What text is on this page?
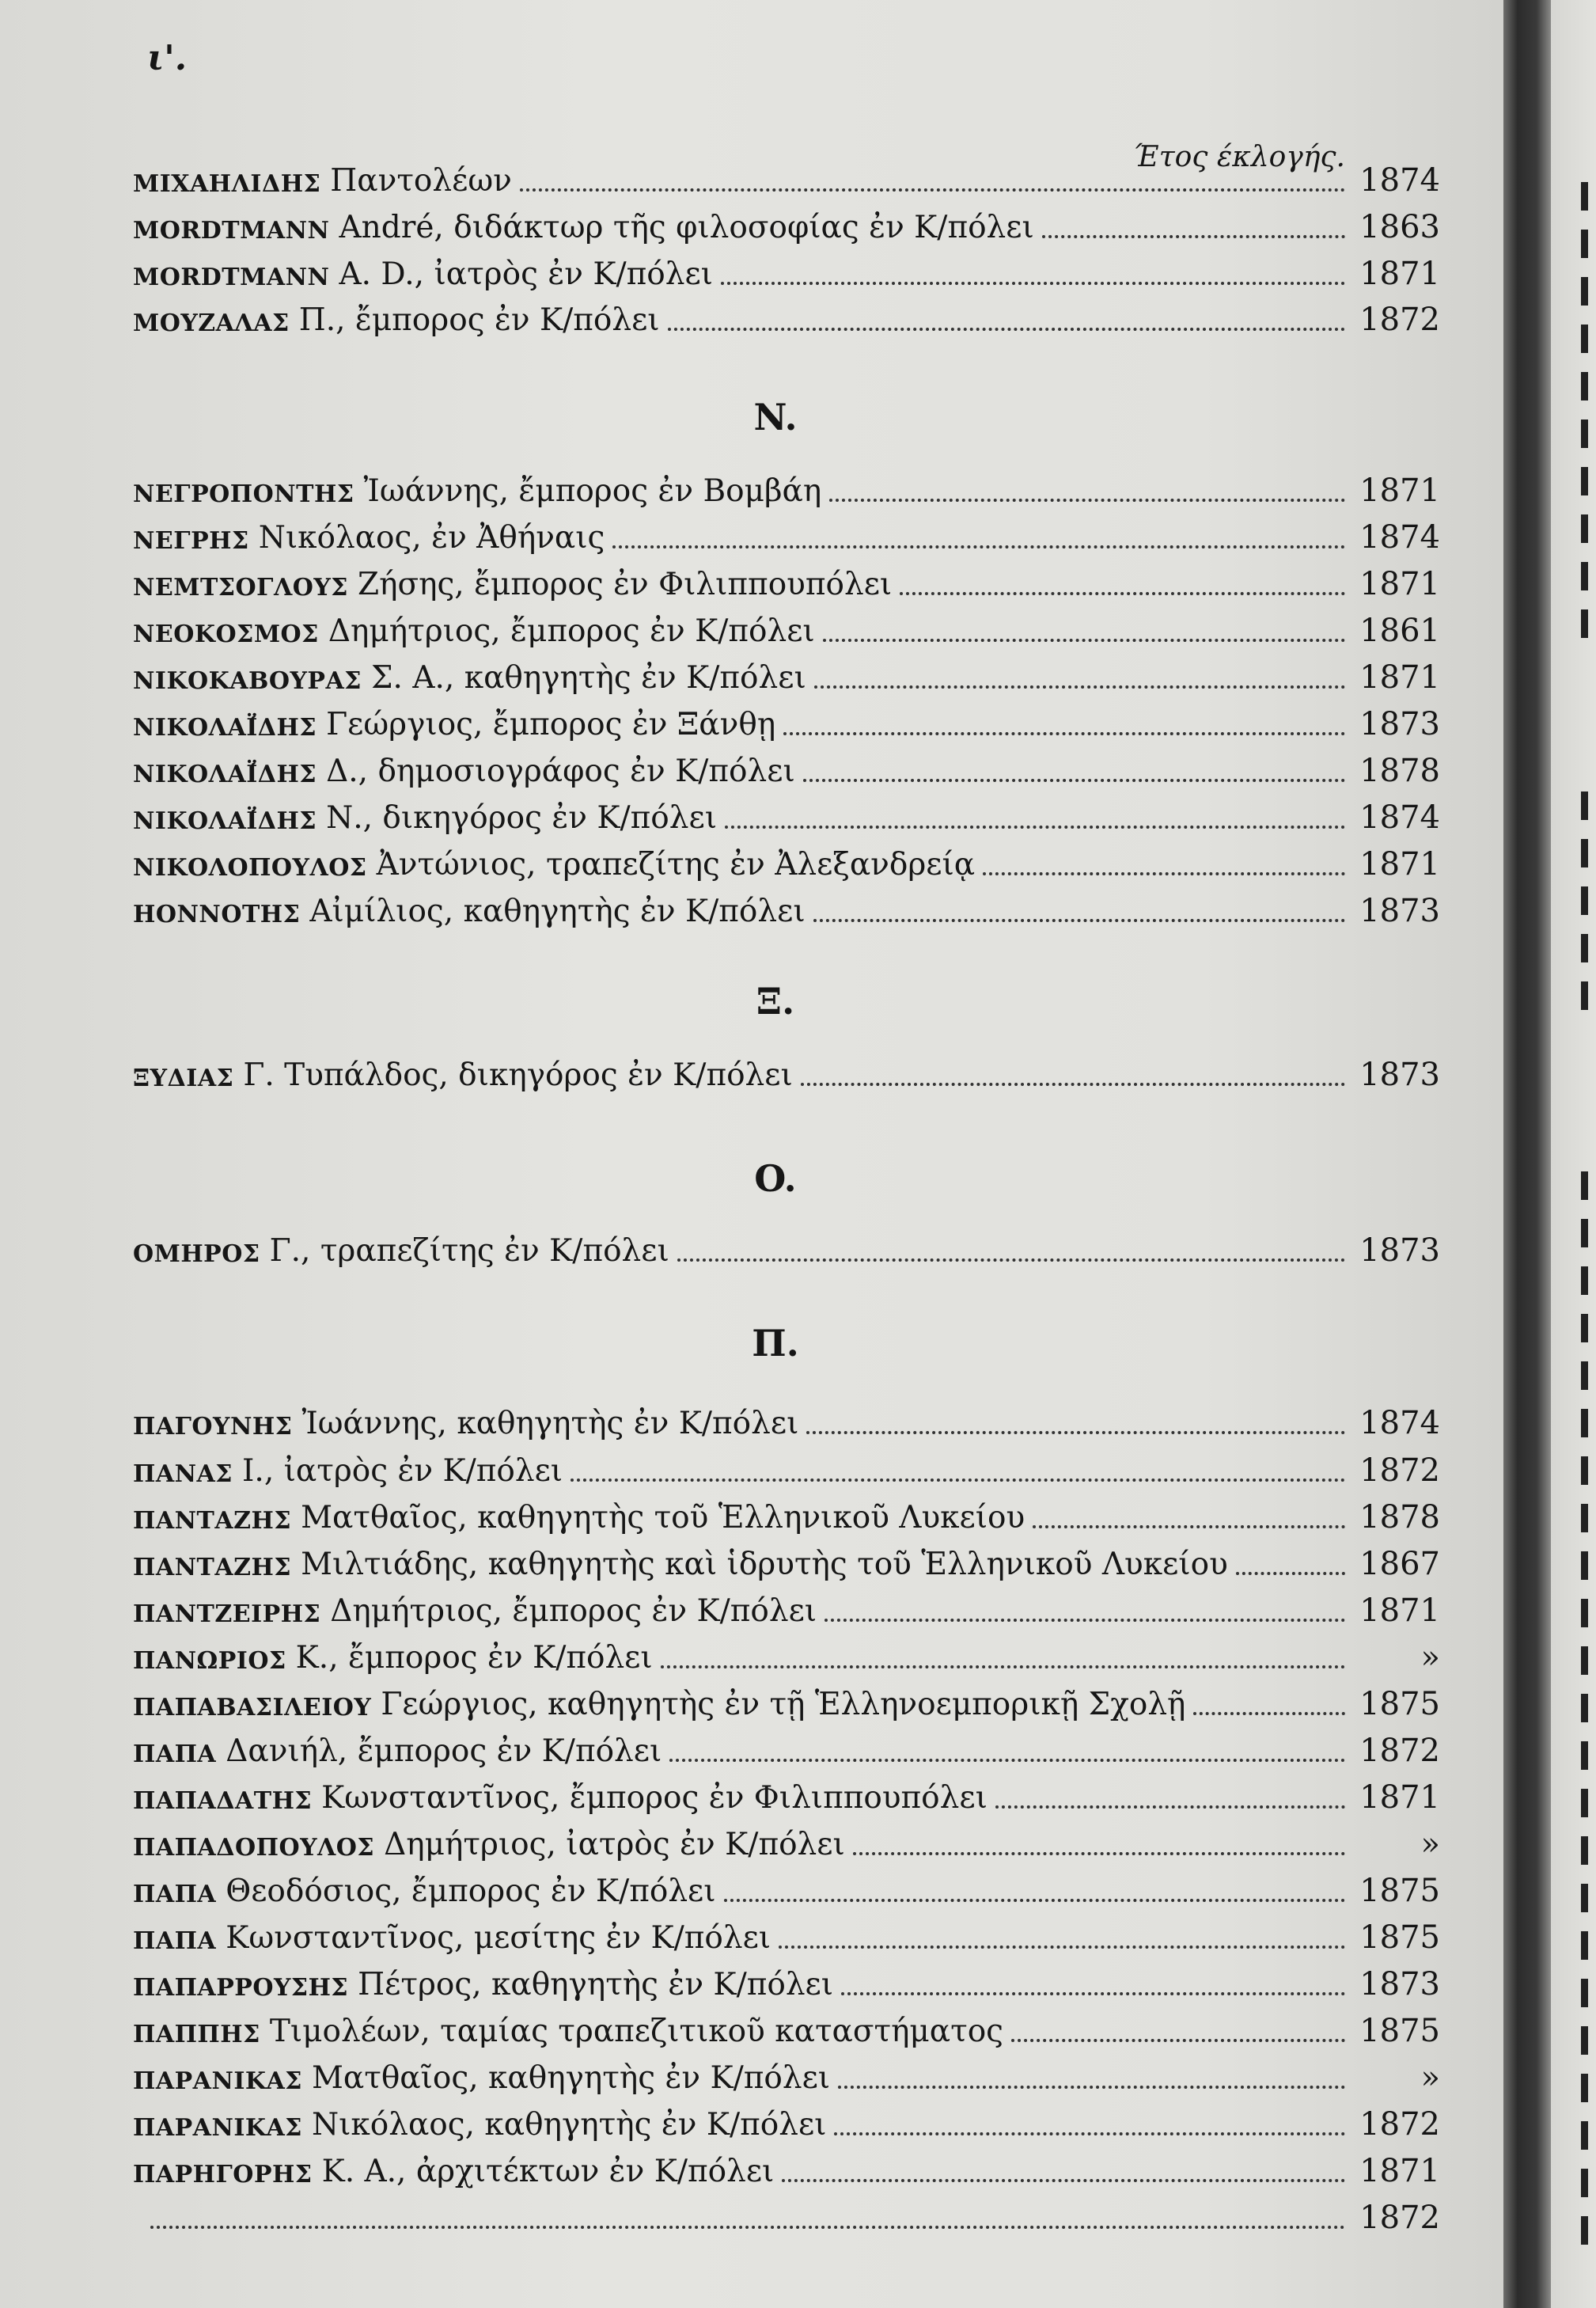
ι'.
Έτος έκλογής.
ΜΙΧΑΗΛΙΔΗΣ Παντολέων	1874
MORDTMANN André, διδάκτωρ τῆς φιλοσοφίας ἐν Κ/πόλει	1863
MORDTMANN A. D., ἰατρὸς ἐν Κ/πόλει	1871
ΜΟΥΖΑΛΑΣ Π., ἔμπορος ἐν Κ/πόλει	1872
N.
ΝΕΓΡΟΠΟΝΤΗΣ Ἰωάννης, ἔμπορος ἐν Βομβάη	1871
ΝΕΓΡΗΣ Νικόλαος, ἐν Ἀθήναις	1874
ΝΕΜΤΣΟΓΛΟΥΣ Ζήσης, ἔμπορος ἐν Φιλιππουπόλει	1871
ΝΕΟΚΟΣΜΟΣ Δημήτριος, ἔμπορος ἐν Κ/πόλει	1861
ΝΙΚΟΚΑΒΟΥΡΑΣ Σ. Α., καθηγητὴς ἐν Κ/πόλει	1871
ΝΙΚΟΛΑΪ́ΔΗΣ Γεώργιος, ἔμπορος ἐν Ξάνθῃ	1873
ΝΙΚΟΛΑΪ́ΔΗΣ Δ., δημοσιογράφος ἐν Κ/πόλει	1878
ΝΙΚΟΛΑΪ́ΔΗΣ Ν., δικηγόρος ἐν Κ/πόλει	1874
ΝΙΚΟΛΟΠΟΥΛΟΣ Ἀντώνιος, τραπεζίτης ἐν Ἀλεξανδρείᾳ	1871
НОΝΝΟΤΗΣ Αἰμίλιος, καθηγητὴς ἐν Κ/πόλει	1873
Ξ.
ΞΥΔΙΑΣ Γ. Τυπάλδος, δικηγόρος ἐν Κ/πόλει	1873
O.
ΟΜΗΡΟΣ Γ., τραπεζίτης ἐν Κ/πόλει	1873
Π.
ΠΑΓΟΥΝΗΣ Ἰωάννης, καθηγητὴς ἐν Κ/πόλει	1874
ΠΑΝΑΣ Ι., ἰατρὸς ἐν Κ/πόλει	1872
ΠΑΝΤΑΖΗΣ Ματθαῖος, καθηγητὴς τοῦ Ἑλληνικοῦ Λυκείου	1878
ΠΑΝΤΑΖΗΣ Μιλτιάδης, καθηγητὴς καὶ ἱδρυτὴς τοῦ Ἑλληνικοῦ Λυκείου	1867
ΠΑΝΤΖΕΙΡΗΣ Δημήτριος, ἔμπορος ἐν Κ/πόλει	1871
ΠΑΝΩΡΙΟΣ Κ., ἔμπορος ἐν Κ/πόλει	»
ΠΑΠΑΒΑΣΙΛΕΙΟΥ Γεώργιος, καθηγητὴς ἐν τῇ Ἑλληνοεμπορικῇ Σχολῇ	1875
ΠΑΠΑ Δανιήλ, ἔμπορος ἐν Κ/πόλει	1872
ΠΑΠΑΔΑΤΗΣ Κωνσταντῖνος, ἔμπορος ἐν Φιλιππουπόλει	1871
ΠΑΠΑΔΟΠΟΥΛΟΣ Δημήτριος, ἰατρὸς ἐν Κ/πόλει	»
ΠΑΠΑ Θεοδόσιος, ἔμπορος ἐν Κ/πόλει	1875
ΠΑΠΑ Κωνσταντῖνος, μεσίτης ἐν Κ/πόλει	1875
ΠΑΠΑΡΡΟΥΣΗΣ Πέτρος, καθηγητὴς ἐν Κ/πόλει	1873
ΠΑΠΠΗΣ Τιμολέων, ταμίας τραπεζιτικοῦ καταστήματος	1875
ΠΑΡΑΝΙΚΑΣ Ματθαῖος, καθηγητὴς ἐν Κ/πόλει	»
ΠΑΡΑΝΙΚΑΣ Νικόλαος, καθηγητὴς ἐν Κ/πόλει	1872
ΠΑΡΗΓΟΡΗΣ Κ. Α., ἀρχιτέκτων ἐν Κ/πόλει	1871
1872
